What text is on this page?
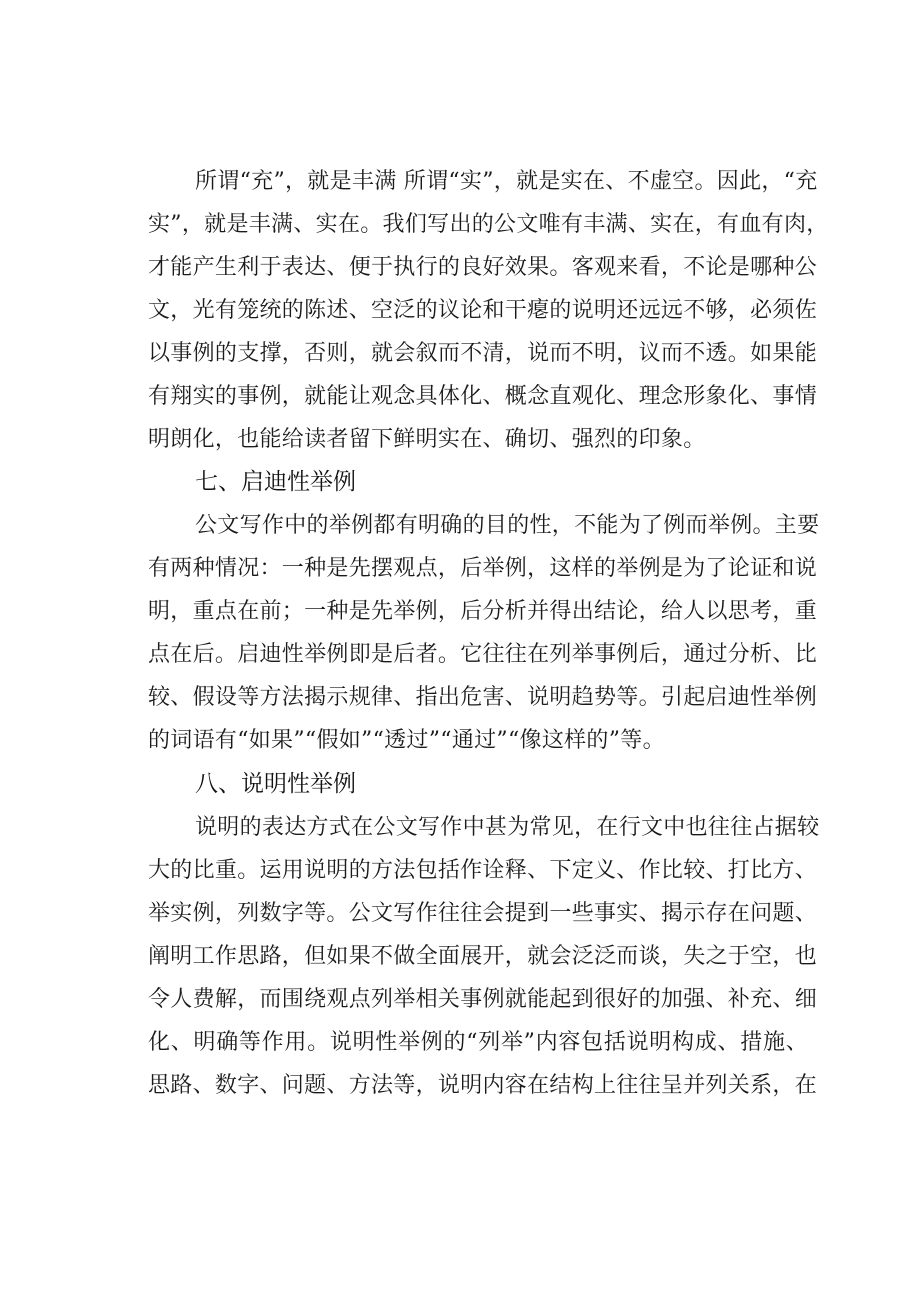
所谓“充”，就是丰满 所谓“实”，就是实在、不虚空。因此，“充
实”，就是丰满、实在。我们写出的公文唯有丰满、实在，有血有肉，
才能产生利于表达、便于执行的良好效果。客观来看，不论是哪种公
文，光有笼统的陈述、空泛的议论和干瘪的说明还远远不够，必须佐
以事例的支撑，否则，就会叙而不清，说而不明，议而不透。如果能
有翔实的事例，就能让观念具体化、概念直观化、理念形象化、事情
明朗化，也能给读者留下鲜明实在、确切、强烈的印象。
七、启迪性举例
公文写作中的举例都有明确的目的性，不能为了例而举例。主要
有两种情况：一种是先摆观点，后举例，这样的举例是为了论证和说
明，重点在前；一种是先举例，后分析并得出结论，给人以思考，重
点在后。启迪性举例即是后者。它往往在列举事例后，通过分析、比
较、假设等方法揭示规律、指出危害、说明趋势等。引起启迪性举例
的词语有“如果”“假如”“透过”“通过”“像这样的”等。
八、说明性举例
说明的表达方式在公文写作中甚为常见，在行文中也往往占据较
大的比重。运用说明的方法包括作诠释、下定义、作比较、打比方、
举实例，列数字等。公文写作往往会提到一些事实、揭示存在问题、
阐明工作思路，但如果不做全面展开，就会泛泛而谈，失之于空，也
令人费解，而围绕观点列举相关事例就能起到很好的加强、补充、细
化、明确等作用。说明性举例的“列举”内容包括说明构成、措施、
思路、数字、问题、方法等，说明内容在结构上往往呈并列关系，在
